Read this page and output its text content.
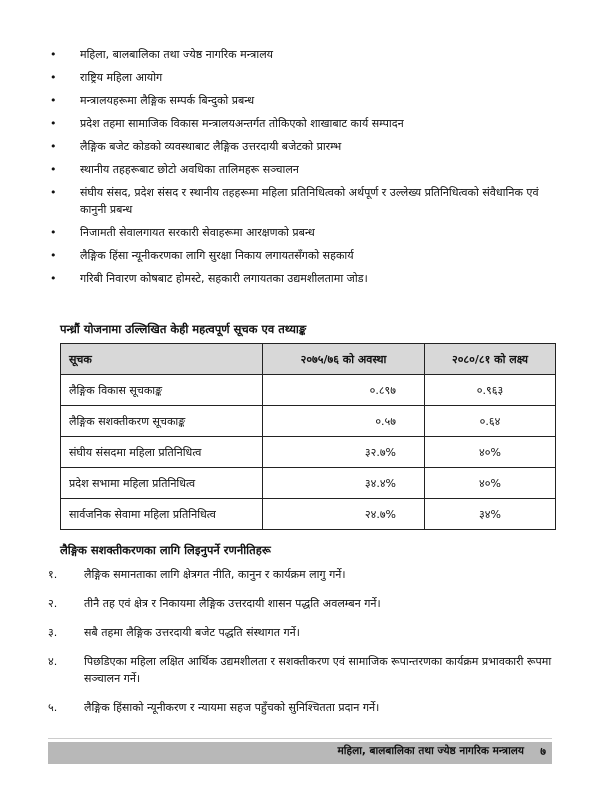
• महिला, बालबालिका तथा ज्येष्ठ नागरिक मन्त्रालय
• राष्ट्रिय महिला आयोग
• मन्त्रालयहरूमा लैङ्गिक सम्पर्क बिन्दुको प्रबन्ध
• प्रदेश तहमा सामाजिक विकास मन्त्रालयअन्तर्गत तोकिएको शाखाबाट कार्य सम्पादन
• लैङ्गिक बजेट कोडको व्यवस्थाबाट लैङ्गिक उत्तरदायी बजेटको प्रारम्भ
• स्थानीय तहहरूबाट छोटो अवधिका तालिमहरू सञ्चालन
• संघीय संसद, प्रदेश संसद र स्थानीय तहहरूमा महिला प्रतिनिधित्वको अर्थपूर्ण र उल्लेख्य प्रतिनिधित्वको संवैधानिक एवं कानुनी प्रबन्ध
• निजामती सेवालगायत सरकारी सेवाहरूमा आरक्षणको प्रबन्ध
• लैङ्गिक हिंसा न्यूनीकरणका लागि सुरक्षा निकाय लगायतसँगको सहकार्य
• गरिबी निवारण कोषबाट होमस्टे, सहकारी लगायतका उद्यमशीलतामा जोड।
पन्ध्रौं योजनामा उल्लिखित केही महत्वपूर्ण सूचक एव तथ्याङ्क
सूचक	२०७५/७६ को अवस्था	२०८०/८१ को लक्ष्य
लैङ्गिक विकास सूचकाङ्क	०.८९७	०.९६३
लैङ्गिक सशक्तीकरण सूचकाङ्क	०.५७	०.६४
संघीय संसदमा महिला प्रतिनिधित्व	३२.७%	४०%
प्रदेश सभामा महिला प्रतिनिधित्व	३४.४%	४०%
सार्वजनिक सेवामा महिला प्रतिनिधित्व	२४.७%	३४%
लैङ्गिक सशक्तीकरणका लागि लिइनुपर्ने रणनीतिहरू
१. लैङ्गिक समानताका लागि क्षेत्रगत नीति, कानुन र कार्यक्रम लागु गर्ने।
२. तीनै तह एवं क्षेत्र र निकायमा लैङ्गिक उत्तरदायी शासन पद्धति अवलम्बन गर्ने।
३. सबै तहमा लैङ्गिक उत्तरदायी बजेट पद्धति संस्थागत गर्ने।
४. पिछडिएका महिला लक्षित आर्थिक उद्यमशीलता र सशक्तीकरण एवं सामाजिक रूपान्तरणका कार्यक्रम प्रभावकारी रूपमा सञ्चालन गर्ने।
५. लैङ्गिक हिंसाको न्यूनीकरण र न्यायमा सहज पहुँचको सुनिश्चितता प्रदान गर्ने।
महिला, बालबालिका तथा ज्येष्ठ नागरिक मन्त्रालय ७
